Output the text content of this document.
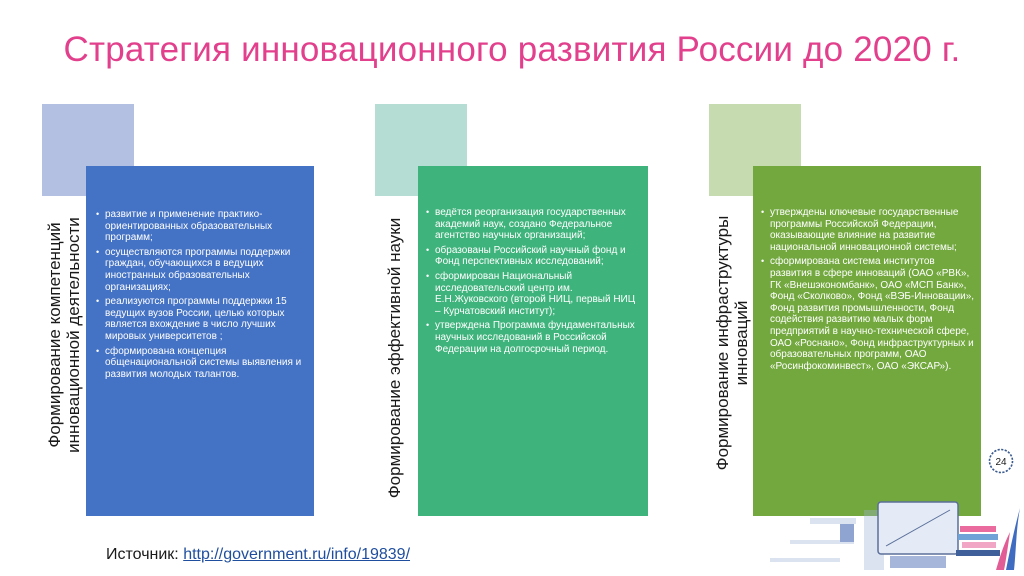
Стратегия инновационного развития России до 2020 г.
Формирование компетенций инновационной деятельности
• развитие и применение практико-ориентированных образовательных программ;
• осуществляются программы поддержки граждан, обучающихся в ведущих иностранных образовательных организациях;
• реализуются программы поддержки 15 ведущих вузов России, целью которых является вхождение в число лучших мировых университетов ;
• сформирована концепция общенациональной системы выявления и развития молодых талантов.	Формирование эффективной науки
• ведётся реорганизация государственных академий наук, создано Федеральное агентство научных организаций;
• образованы Российский научный фонд и Фонд перспективных исследований;
• сформирован Национальный исследовательский центр им. Е.Н.Жуковского (второй НИЦ, первый НИЦ – Курчатовский институт);
• утверждена Программа фундаментальных научных исследований в Российской Федерации на долгосрочный период.	Формирование инфраструктуры инноваций
• утверждены ключевые государственные программы Российской Федерации, оказывающие влияние на развитие национальной инновационной системы;
• сформирована система институтов развития в сфере инноваций (ОАО «РВК», ГК «Внешэкономбанк», ОАО «МСП Банк», Фонд «Сколково», Фонд «ВЭБ-Инновации», Фонд развития промышленности, Фонд содействия развитию малых форм предприятий в научно-технической сфере, ОАО «Роснано», Фонд инфраструктурных и образовательных программ, ОАО «Росинфокоминвест», ОАО «ЭКСАР»).
Источник: http://government.ru/info/19839/
24
